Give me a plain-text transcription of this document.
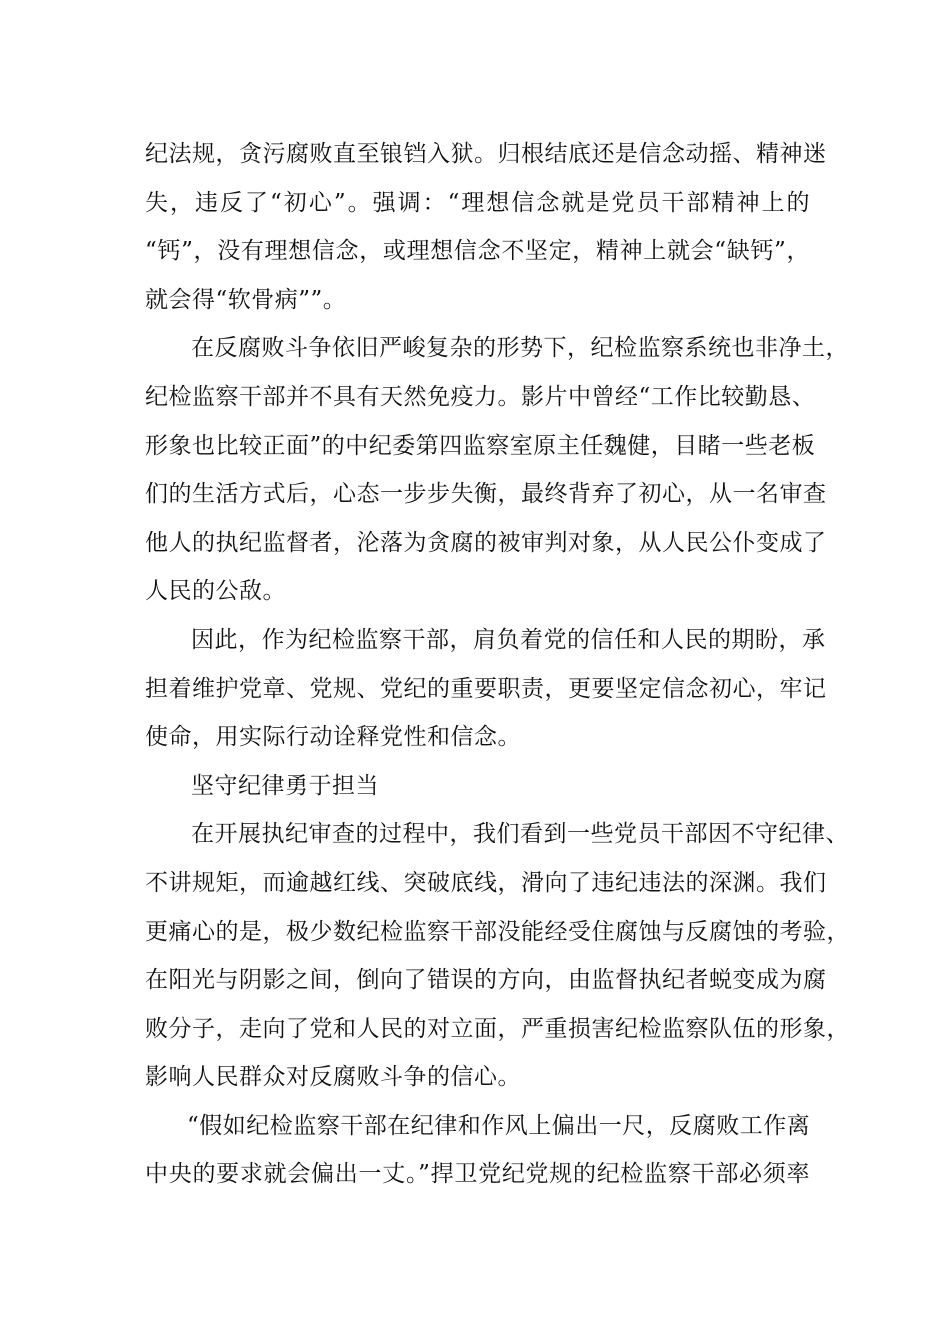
纪法规，贪污腐败直至锒铛入狱。归根结底还是信念动摇、精神迷
失，违反了“初心”。强调：“理想信念就是党员干部精神上的
“钙”，没有理想信念，或理想信念不坚定，精神上就会“缺钙”，
就会得“软骨病””。
在反腐败斗争依旧严峻复杂的形势下，纪检监察系统也非净土，
纪检监察干部并不具有天然免疫力。影片中曾经“工作比较勤恳、
形象也比较正面”的中纪委第四监察室原主任魏健，目睹一些老板
们的生活方式后，心态一步步失衡，最终背弃了初心，从一名审查
他人的执纪监督者，沦落为贪腐的被审判对象，从人民公仆变成了
人民的公敌。
因此，作为纪检监察干部，肩负着党的信任和人民的期盼，承
担着维护党章、党规、党纪的重要职责，更要坚定信念初心，牢记
使命，用实际行动诠释党性和信念。
坚守纪律勇于担当
在开展执纪审查的过程中，我们看到一些党员干部因不守纪律、
不讲规矩，而逾越红线、突破底线，滑向了违纪违法的深渊。我们
更痛心的是，极少数纪检监察干部没能经受住腐蚀与反腐蚀的考验，
在阳光与阴影之间，倒向了错误的方向，由监督执纪者蜕变成为腐
败分子，走向了党和人民的对立面，严重损害纪检监察队伍的形象，
影响人民群众对反腐败斗争的信心。
“假如纪检监察干部在纪律和作风上偏出一尺，反腐败工作离
中央的要求就会偏出一丈。”捍卫党纪党规的纪检监察干部必须率
